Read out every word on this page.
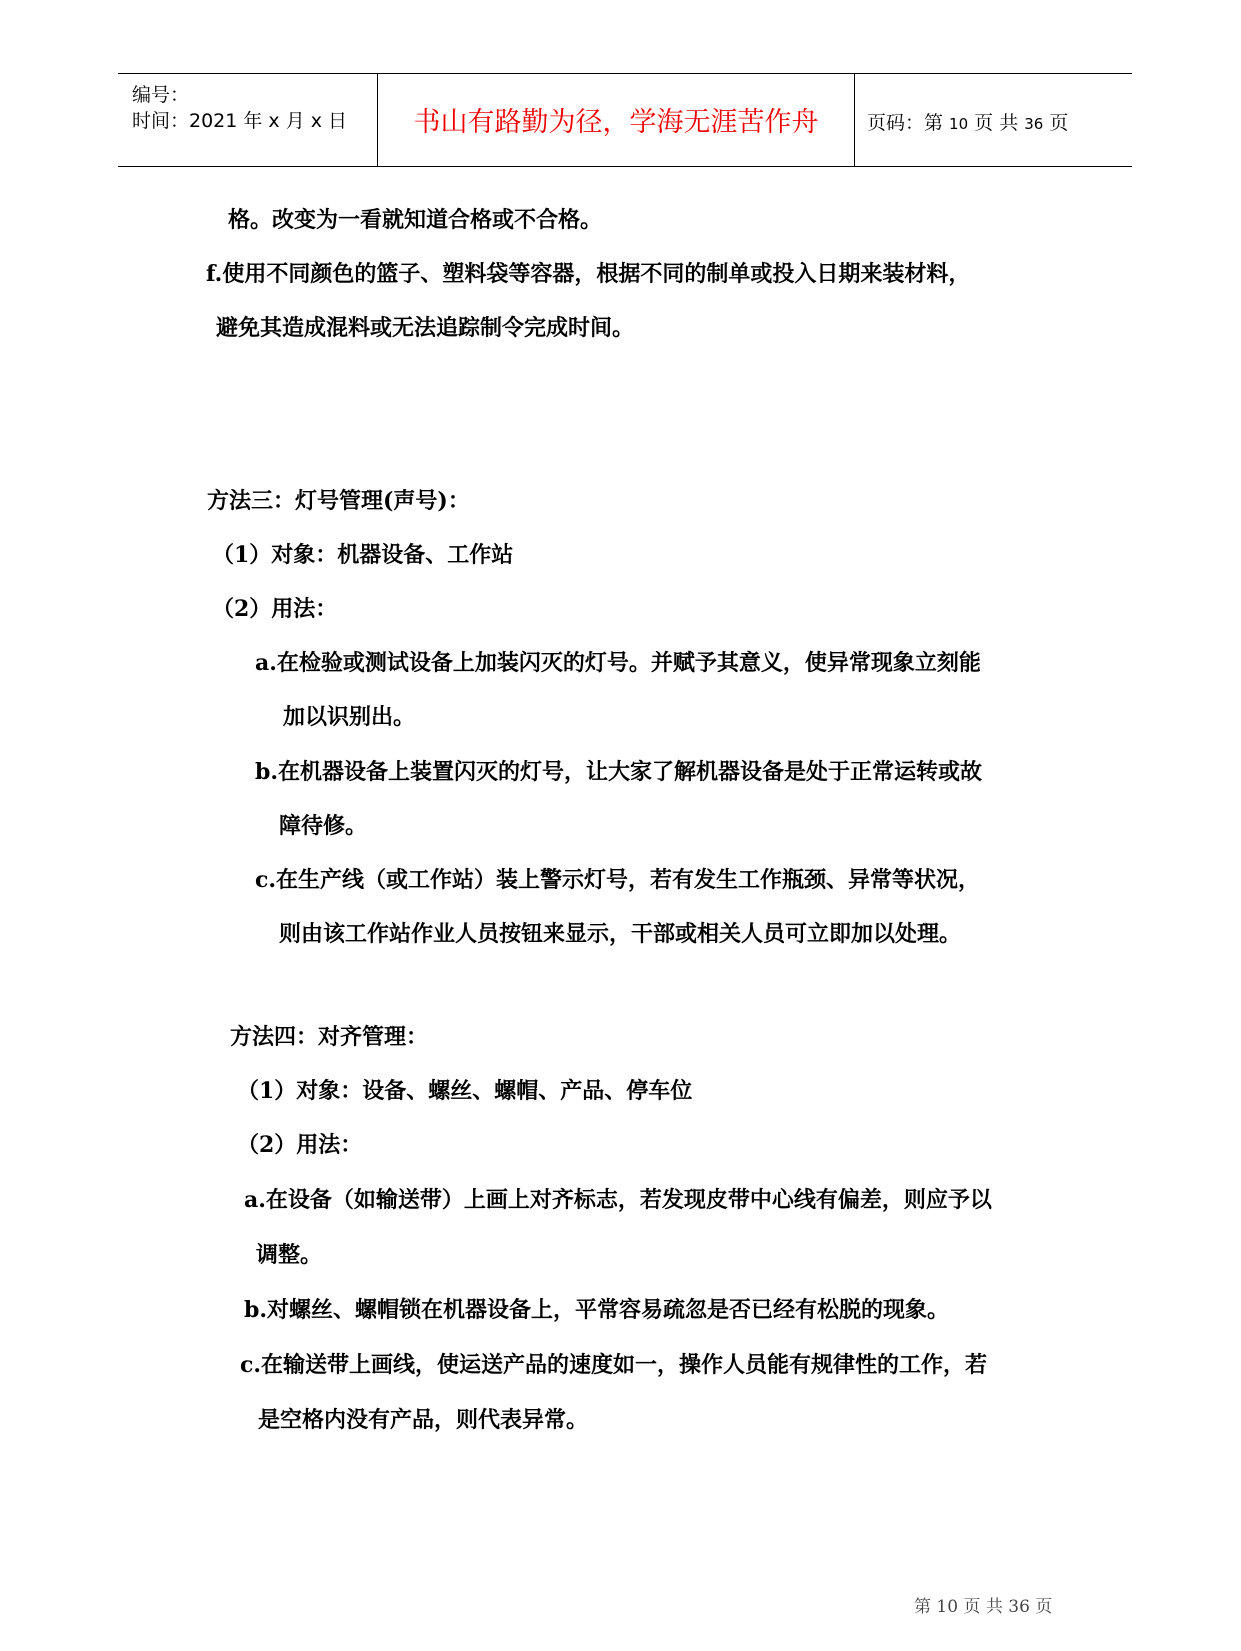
编号：
时间：2021 年 x 月 x 日	书山有路勤为径，学海无涯苦作舟	页码：第 10 页 共 36 页
格。改变为一看就知道合格或不合格。
f.使用不同颜色的篮子、塑料袋等容器，根据不同的制单或投入日期来装材料，
避免其造成混料或无法追踪制令完成时间。
方法三：灯号管理(声号)：
（1）对象：机器设备、工作站
（2）用法：
a.在检验或测试设备上加装闪灭的灯号。并赋予其意义，使异常现象立刻能
加以识别出。
b.在机器设备上装置闪灭的灯号，让大家了解机器设备是处于正常运转或故
障待修。
c.在生产线（或工作站）装上警示灯号，若有发生工作瓶颈、异常等状况，
则由该工作站作业人员按钮来显示，干部或相关人员可立即加以处理。
方法四：对齐管理：
（1）对象：设备、螺丝、螺帽、产品、停车位
（2）用法：
a.在设备（如输送带）上画上对齐标志，若发现皮带中心线有偏差，则应予以
调整。
b.对螺丝、螺帽锁在机器设备上，平常容易疏忽是否已经有松脱的现象。
c.在输送带上画线，使运送产品的速度如一，操作人员能有规律性的工作，若
是空格内没有产品，则代表异常。
第 10 页 共 36 页
